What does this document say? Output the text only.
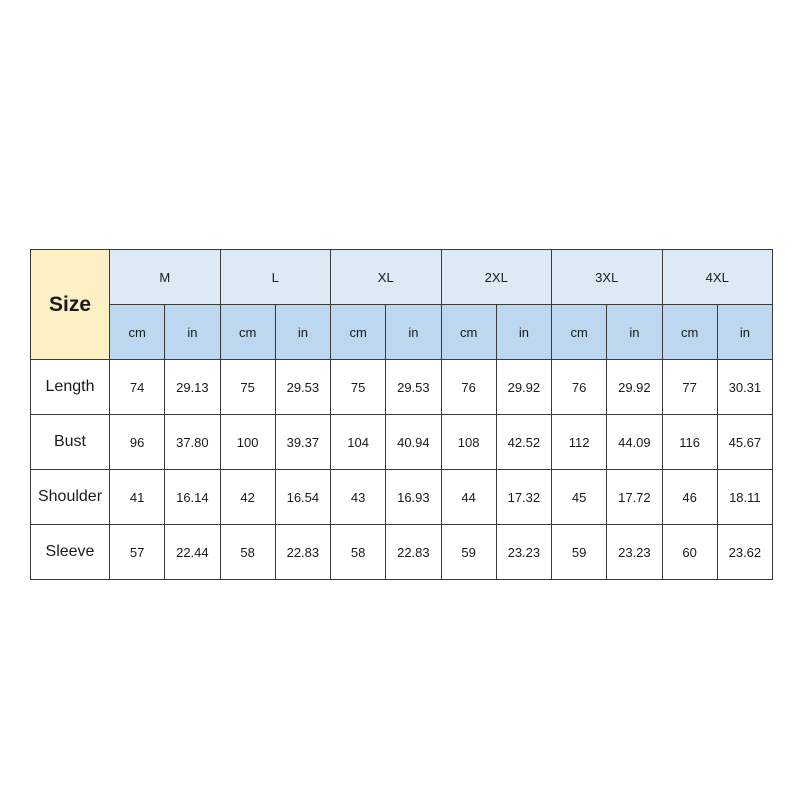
Size	M		L		XL		2XL		3XL		4XL	
	cm	in	cm	in	cm	in	cm	in	cm	in	cm	in
Length	74	29.13	75	29.53	75	29.53	76	29.92	76	29.92	77	30.31
Bust	96	37.80	100	39.37	104	40.94	108	42.52	112	44.09	116	45.67
Shoulder	41	16.14	42	16.54	43	16.93	44	17.32	45	17.72	46	18.11
Sleeve	57	22.44	58	22.83	58	22.83	59	23.23	59	23.23	60	23.62
